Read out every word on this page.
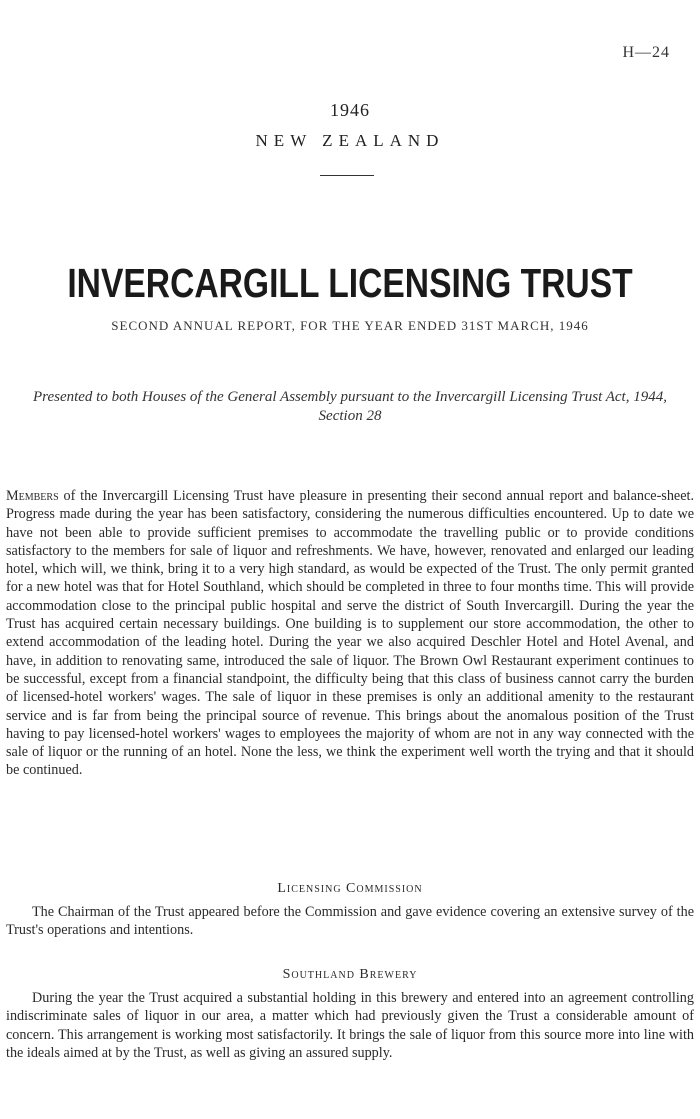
H—24
1946
NEW ZEALAND
INVERCARGILL LICENSING TRUST
SECOND ANNUAL REPORT, FOR THE YEAR ENDED 31ST MARCH, 1946
Presented to both Houses of the General Assembly pursuant to the Invercargill Licensing Trust Act, 1944, Section 28
Members of the Invercargill Licensing Trust have pleasure in presenting their second annual report and balance-sheet. Progress made during the year has been satisfactory, considering the numerous difficulties encountered. Up to date we have not been able to provide sufficient premises to accommodate the travelling public or to provide conditions satisfactory to the members for sale of liquor and refreshments. We have, however, renovated and enlarged our leading hotel, which will, we think, bring it to a very high standard, as would be expected of the Trust. The only permit granted for a new hotel was that for Hotel Southland, which should be completed in three to four months time. This will provide accommodation close to the principal public hospital and serve the district of South Invercargill. During the year the Trust has acquired certain necessary buildings. One building is to supplement our store accommodation, the other to extend accommodation of the leading hotel. During the year we also acquired Deschler Hotel and Hotel Avenal, and have, in addition to renovating same, introduced the sale of liquor. The Brown Owl Restaurant experiment continues to be successful, except from a financial standpoint, the difficulty being that this class of business cannot carry the burden of licensed-hotel workers' wages. The sale of liquor in these premises is only an additional amenity to the restaurant service and is far from being the principal source of revenue. This brings about the anomalous position of the Trust having to pay licensed-hotel workers' wages to employees the majority of whom are not in any way connected with the sale of liquor or the running of an hotel. None the less, we think the experiment well worth the trying and that it should be continued.
Licensing Commission
The Chairman of the Trust appeared before the Commission and gave evidence covering an extensive survey of the Trust's operations and intentions.
Southland Brewery
During the year the Trust acquired a substantial holding in this brewery and entered into an agreement controlling indiscriminate sales of liquor in our area, a matter which had previously given the Trust a considerable amount of concern. This arrangement is working most satisfactorily. It brings the sale of liquor from this source more into line with the ideals aimed at by the Trust, as well as giving an assured supply.
